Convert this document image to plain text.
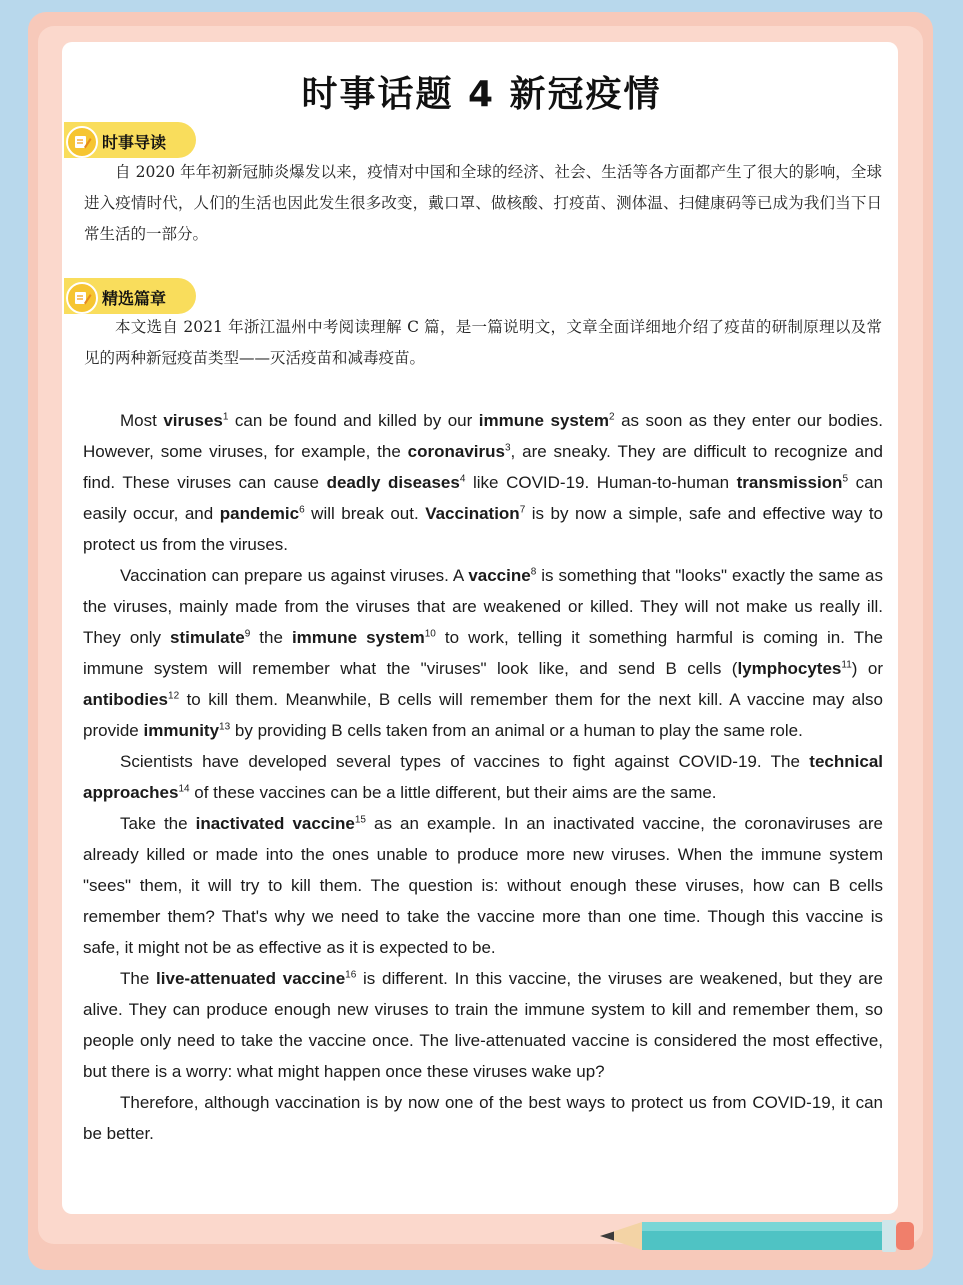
时事话题 4 新冠疫情
时事导读

自 2020 年年初新冠肺炎爆发以来，疫情对中国和全球的经济、社会、生活等各方面都产生了很大的影响，全球进入疫情时代，人们的生活也因此发生很多改变，戴口罩、做核酸、打疫苗、测体温、扫健康码等已成为我们当下日常生活的一部分。

精选篇章

本文选自 2021 年浙江温州中考阅读理解 C 篇，是一篇说明文，文章全面详细地介绍了疫苗的研制原理以及常见的两种新冠疫苗类型——灭活疫苗和减毒疫苗。

Most viruses$^1$ can be found and killed by our immune system$^2$ as soon as they enter our bodies. However, some viruses, for example, the coronavirus$^3$, are sneaky. They are difficult to recognize and find. These viruses can cause deadly diseases$^4$ like COVID-19. Human-to-human transmission$^5$ can easily occur, and pandemic$^6$ will break out. Vaccination$^7$ is by now a simple, safe and effective way to protect us from the viruses.

Vaccination can prepare us against viruses. A vaccine$^8$ is something that "looks" exactly the same as the viruses, mainly made from the viruses that are weakened or killed. They will not make us really ill. They only stimulate$^9$ the immune system$^{10}$ to work, telling it something harmful is coming in. The immune system will remember what the "viruses" look like, and send B cells (lymphocytes$^{11}$) or antibodies$^{12}$ to kill them. Meanwhile, B cells will remember them for the next kill. A vaccine may also provide immunity$^{13}$ by providing B cells taken from an animal or a human to play the same role.

Scientists have developed several types of vaccines to fight against COVID-19. The technical approaches$^{14}$ of these vaccines can be a little different, but their aims are the same.

Take the inactivated vaccine$^{15}$ as an example. In an inactivated vaccine, the coronaviruses are already killed or made into the ones unable to produce more new viruses. When the immune system "sees" them, it will try to kill them. The question is: without enough these viruses, how can B cells remember them? That's why we need to take the vaccine more than one time. Though this vaccine is safe, it might not be as effective as it is expected to be.

The live-attenuated vaccine$^{16}$ is different. In this vaccine, the viruses are weakened, but they are alive. They can produce enough new viruses to train the immune system to kill and remember them, so people only need to take the vaccine once. The live-attenuated vaccine is considered the most effective, but there is a worry: what might happen once these viruses wake up?

Therefore, although vaccination is by now one of the best ways to protect us from COVID-19, it can be better.
